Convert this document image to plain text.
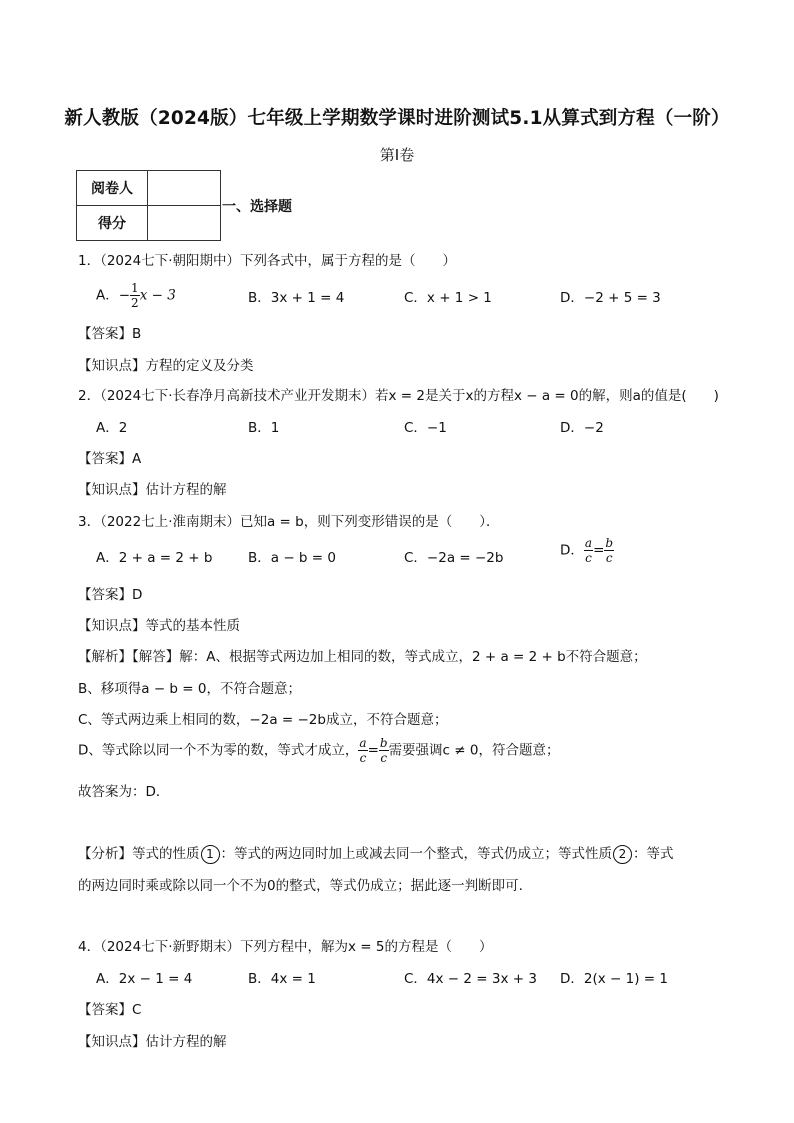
新人教版（2024版）七年级上学期数学课时进阶测试5.1从算式到方程（一阶）
第Ⅰ卷
阅卷人	
得分	
一、选择题
1．（2024七下·朝阳期中）下列各式中，属于方程的是（　　）
A．− $\frac{1}{2}$ x − 3	B．3x + 1 = 4	C．x + 1 > 1	D．−2 + 5 = 3
【答案】B
【知识点】方程的定义及分类
2．（2024七下·长春净月高新技术产业开发期末）若x = 2是关于x的方程x − a = 0的解，则a的值是(　　)
A．2	B．1	C．−1	D．−2
【答案】A
【知识点】估计方程的解
3．（2022七上·淮南期末）已知a = b，则下列变形错误的是（　　）．
A．2 + a = 2 + b	B．a − b = 0	C．−2a = −2b	D． $\frac{a}{c} = \frac{b}{c}$
【答案】D
【知识点】等式的基本性质
【解析】【解答】解：A、根据等式两边加上相同的数，等式成立，2 + a = 2 + b不符合题意；
B、移项得a − b = 0，不符合题意；
C、等式两边乘上相同的数，−2a = −2b成立，不符合题意；
D、等式除以同一个不为零的数，等式才成立， $\frac{a}{c} = \frac{b}{c}$ 需要强调c ≠ 0，符合题意；
故答案为：D．
【分析】等式的性质 1 ：等式的两边同时加上或减去同一个整式，等式仍成立；等式性质 2 ：等式
的两边同时乘或除以同一个不为0的整式，等式仍成立；据此逐一判断即可.
4．（2024七下·新野期末）下列方程中，解为x = 5的方程是（　　）
A．2x − 1 = 4	B．4x = 1	C．4x − 2 = 3x + 3 D．2(x − 1) = 1
【答案】C
【知识点】估计方程的解
